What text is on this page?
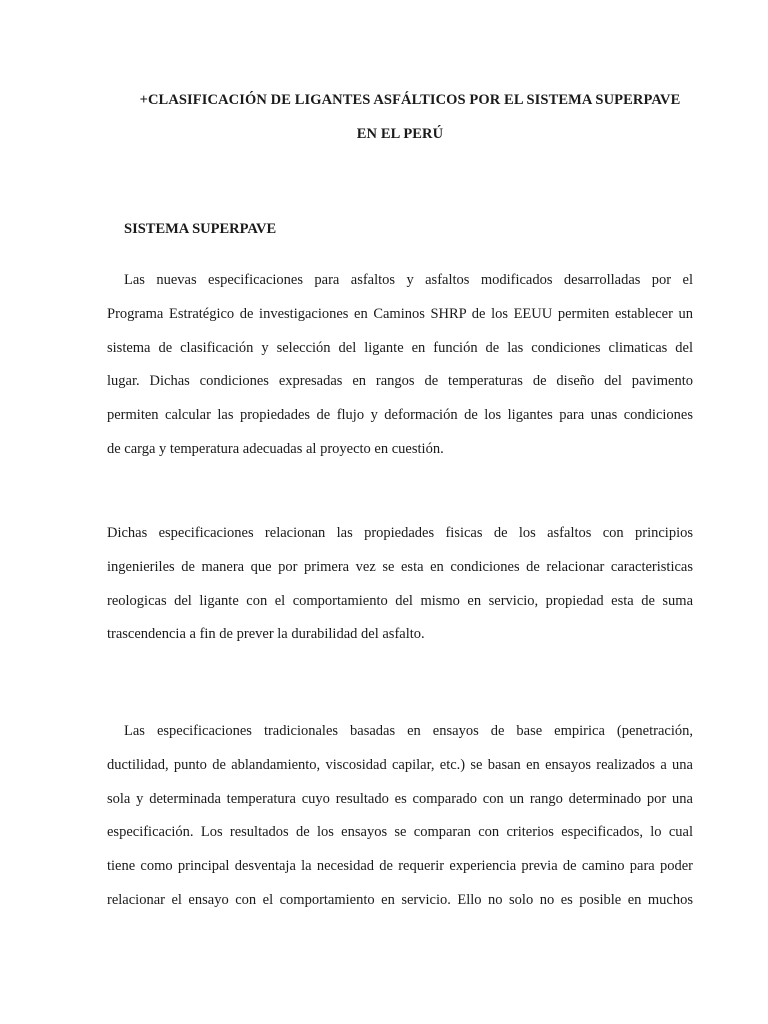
+CLASIFICACIÓN DE LIGANTES ASFÁLTICOS POR EL SISTEMA SUPERPAVE
EN EL PERÚ
SISTEMA SUPERPAVE
Las nuevas especificaciones para asfaltos y asfaltos modificados desarrolladas por el
Programa Estratégico de investigaciones en Caminos SHRP de los EEUU permiten establecer un
sistema de clasificación y selección del ligante en función de las condiciones climaticas del
lugar. Dichas condiciones expresadas en rangos de temperaturas de diseño del pavimento
permiten calcular las propiedades de flujo y deformación de los ligantes para unas condiciones
de carga y temperatura adecuadas al proyecto en cuestión.
Dichas especificaciones relacionan las propiedades fisicas de los asfaltos con principios
ingenieriles de manera que por primera vez se esta en condiciones de relacionar caracteristicas
reologicas del ligante con el comportamiento del mismo en servicio, propiedad esta de suma
trascendencia a fin de prever la durabilidad del asfalto.
Las especificaciones tradicionales basadas en ensayos de base empirica (penetración,
ductilidad, punto de ablandamiento, viscosidad capilar, etc.) se basan en ensayos realizados a una
sola y determinada temperatura cuyo resultado es comparado con un rango determinado por una
especificación. Los resultados de los ensayos se comparan con criterios especificados, lo cual
tiene como principal desventaja la necesidad de requerir experiencia previa de camino para poder
relacionar el ensayo con el comportamiento en servicio. Ello no solo no es posible en muchos
